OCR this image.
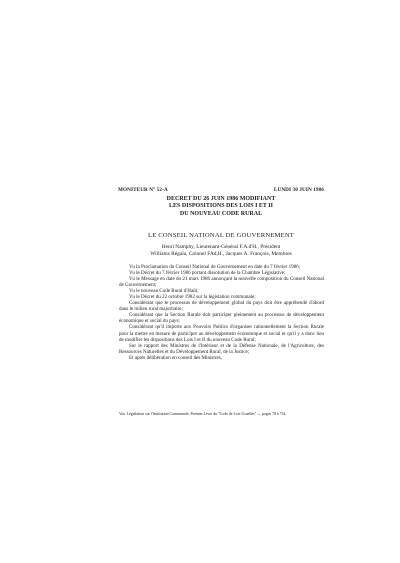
MONITEUR N° 52-A	LUNDI 30 JUIN 1986
DECRET DU 26 JUIN 1986 MODIFIANT
LES DISPOSITIONS DES LOIS I ET II
DU NOUVEAU CODE RURAL
LE CONSEIL NATIONAL DE GOUVERNEMENT
Henri Namphy, Lieutenant-Général F.A.d'H., Président
Williams Régala, Colonel FAd,H., Jacques A. François, Membres

Vu la Proclamation du Conseil National de Gouvernement en date du 7 février 1986;

Vu le Décret du 7 février 1986 portant dissolution de la Chambre Législative;

Vu le Message en date du 21 mars 1986 annonçant la nouvelle composition du Conseil National de Gouvernement;

Vu le nouveau Code Rural d'Haïti;

Vu le Décret du 22 octobre 1982 sur la législation communale;

Considérant que le processus de développement global du pays doit être appréhendé d'abord dans le milieu rural majoritaire;

Considérant que la Section Rurale doit participer pleinement au processus de développement économique et social du pays;

Considérant qu'il importe aux Pouvoirs Publics d'organiser rationnellement la Section Rurale pour la mettre en mesure de participer au développement économique et social et qu'il y a donc lieu de modifier les dispositions des Lois I et II du nouveau Code Rural;

Sur le rapport des Ministres de l'Intérieur et de la Défense Nationale, de l'Agriculture, des Ressources Naturelles et du Développement Rural, de la Justice;

Et après délibération en conseil des Ministres,

Voir Législation sur l'Institution Communale, Premier Livre du "Code de Lois Usuelles" — pages 78 à 734.
